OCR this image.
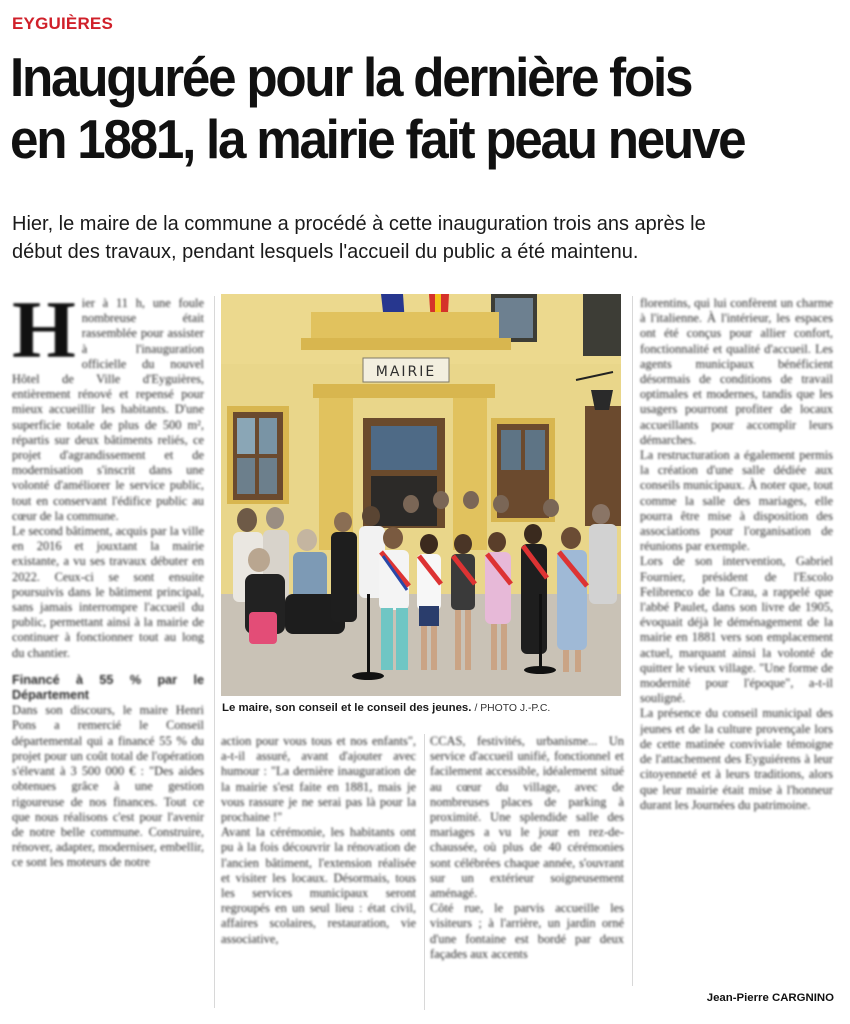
EYGUIÈRES
Inaugurée pour la dernière fois
en 1881, la mairie fait peau neuve
Hier, le maire de la commune a procédé à cette inauguration trois ans après le
début des travaux, pendant lesquels l'accueil du public a été maintenu.

Hier à 11 h, une foule nombreuse était rassemblée pour assister à l'inauguration officielle du nouvel Hôtel de Ville d'Eyguières, entièrement rénové et repensé pour mieux accueillir les habitants. D'une superficie totale de plus de 500 m², répartis sur deux bâtiments reliés, ce projet d'agrandissement et de modernisation s'inscrit dans une volonté d'améliorer le service public, tout en conservant l'édifice public au cœur de la commune.

Le second bâtiment, acquis par la ville en 2016 et jouxtant la mairie existante, a vu ses travaux débuter en 2022. Ceux-ci se sont ensuite poursuivis dans le bâtiment principal, sans jamais interrompre l'accueil du public, permettant ainsi à la mairie de continuer à fonctionner tout au long du chantier.

Financé à 55 % par le Département

Dans son discours, le maire Henri Pons a remercié le Conseil départemental qui a financé 55 % du projet pour un coût total de l'opération s'élevant à 3 500 000 € : "Des aides obtenues grâce à une gestion rigoureuse de nos finances. Tout ce que nous réalisons c'est pour l'avenir de notre belle commune. Construire, rénover, adapter, moderniser, embellir, ce sont les moteurs de notre

florentins, qui lui confèrent un charme à l'italienne. À l'intérieur, les espaces ont été conçus pour allier confort, fonctionnalité et qualité d'accueil. Les agents municipaux bénéficient désormais de conditions de travail optimales et modernes, tandis que les usagers pourront profiter de locaux accueillants pour accomplir leurs démarches.

La restructuration a également permis la création d'une salle dédiée aux conseils municipaux. À noter que, tout comme la salle des mariages, elle pourra être mise à disposition des associations pour l'organisation de réunions par exemple.

Lors de son intervention, Gabriel Fournier, président de l'Escolo Felibrenco de la Crau, a rappelé que l'abbé Paulet, dans son livre de 1905, évoquait déjà le déménagement de la mairie en 1881 vers son emplacement actuel, marquant ainsi la volonté de quitter le vieux village. "Une forme de modernité pour l'époque", a-t-il souligné.

La présence du conseil municipal des jeunes et de la culture provençale lors de cette matinée conviviale témoigne de l'attachement des Eyguiérens à leur citoyenneté et à leurs traditions, alors que leur mairie était mise à l'honneur durant les Journées du patrimoine.

action pour vous tous et nos enfants", a-t-il assuré, avant d'ajouter avec humour : "La dernière inauguration de la mairie s'est faite en 1881, mais je vous rassure je ne serai pas là pour la prochaine !"

Avant la cérémonie, les habitants ont pu à la fois découvrir la rénovation de l'ancien bâtiment, l'extension réalisée et visiter les locaux. Désormais, tous les services municipaux seront regroupés en un seul lieu : état civil, affaires scolaires, restauration, vie associative,

CCAS, festivités, urbanisme... Un service d'accueil unifié, fonctionnel et facilement accessible, idéalement situé au cœur du village, avec de nombreuses places de parking à proximité. Une splendide salle des mariages a vu le jour en rez-de-chaussée, où plus de 40 cérémonies sont célébrées chaque année, s'ouvrant sur un extérieur soigneusement aménagé.

Côté rue, le parvis accueille les visiteurs ; à l'arrière, un jardin orné d'une fontaine est bordé par deux façades aux accents

MAIRIE
Le maire, son conseil et le conseil des jeunes. / PHOTO J.-P.C.
Jean-Pierre CARGNINO
